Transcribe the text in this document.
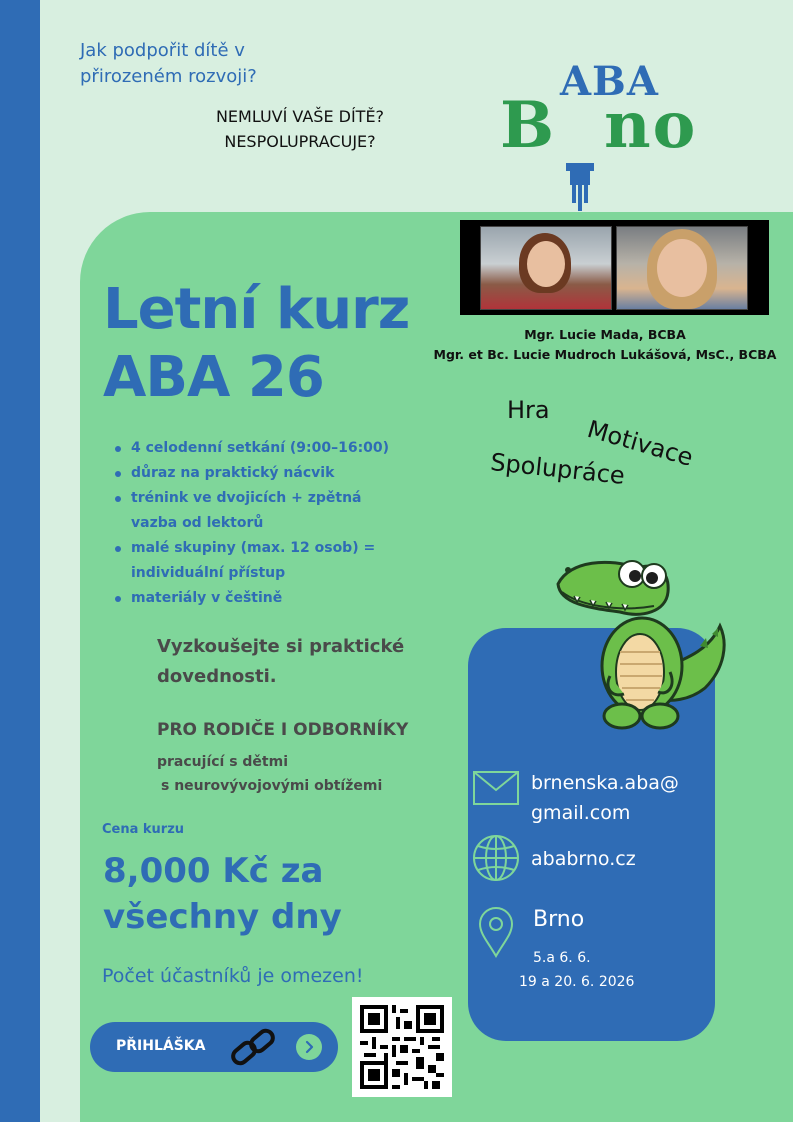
Jak podpořit dítě v
přirozeném rozvoji?
NEMLUVÍ VAŠE DÍTĚ?
NESPOLUPRACUJE?
ABA
B no
Mgr. Lucie Mada, BCBA
Mgr. et Bc. Lucie Mudroch Lukášová, MsC., BCBA
Letní kurz
ABA 26	Hra
Motivace
Spolupráce
4 celodenní setkání (9:00–16:00)
důraz na praktický nácvik
trénink ve dvojicích + zpětná vazba od lektorů
malé skupiny (max. 12 osob) = individuální přístup
materiály v češtině
Vyzkoušejte si praktické dovednosti.
PRO RODIČE I ODBORNÍKY
pracující s dětmi
s neurovývojovými obtížemi
Cena kurzu
8,000 Kč za
všechny dny
Počet účastníků je omezen!
PŘIHLÁŠKA
brnenska.aba@
gmail.com
ababrno.cz
Brno
5.a 6. 6.
19 a 20. 6. 2026
